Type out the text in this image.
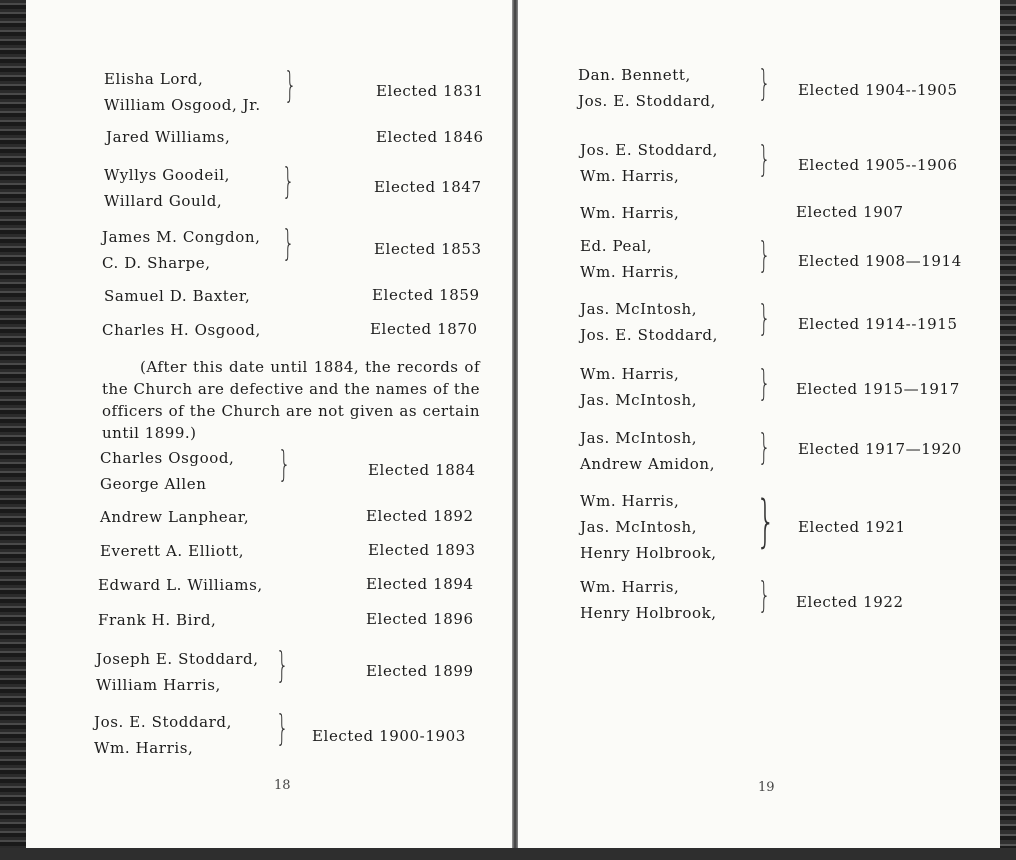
Elisha Lord,
William Osgood, Jr. }	Elected 1831
Jared Williams,	Elected 1846
Wyllys Goodeil,
Willard Gould, }	Elected 1847
James M. Congdon,
C. D. Sharpe,	}	Elected 1853
Samuel D. Baxter,	Elected 1859
Charles H. Osgood,	Elected 1870
(After this date until 1884, the records of the Church are defective and the names of the officers of the Church are not given as certain until 1899.)
Charles Osgood,
George Allen	}	Elected 1884
Andrew Lanphear,	Elected 1892
Everett A. Elliott,	Elected 1893
Edward L. Williams,	Elected 1894
Frank H. Bird,	Elected 1896
Joseph E. Stoddard,
William Harris,	}	Elected 1899
Jos. E. Stoddard,
Wm. Harris,	} Elected 1900-1903
18
Dan. Bennett,
Jos. E. Stoddard, } Elected 1904--1905
Jos. E. Stoddard,
Wm. Harris,	} Elected 1905--1906
Wm. Harris,	Elected 1907
Ed. Peal,
Wm. Harris, } Elected 1908—1914
Jas. McIntosh,
Jos. E. Stoddard, } Elected 1914--1915
Wm. Harris,
Jas. McIntosh, } Elected 1915—1917
Jas. McIntosh,
Andrew Amidon, } Elected 1917—1920
Wm. Harris,
Jas. McIntosh,
Henry Holbrook, } Elected 1921
Wm. Harris,
Henry Holbrook, } Elected 1922
19
